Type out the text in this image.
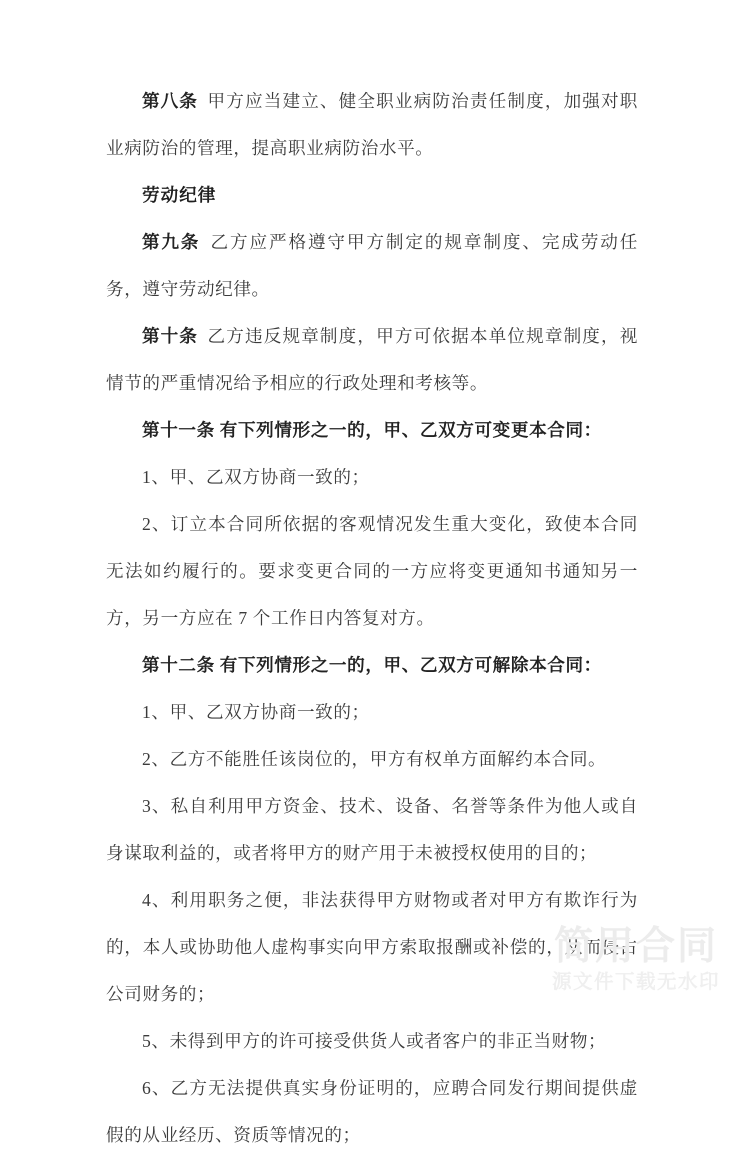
第八条 甲方应当建立、健全职业病防治责任制度，加强对职业病防治的管理，提高职业病防治水平。

劳动纪律

第九条 乙方应严格遵守甲方制定的规章制度、完成劳动任务，遵守劳动纪律。

第十条 乙方违反规章制度，甲方可依据本单位规章制度，视情节的严重情况给予相应的行政处理和考核等。

第十一条 有下列情形之一的，甲、乙双方可变更本合同：

1、甲、乙双方协商一致的；

2、订立本合同所依据的客观情况发生重大变化，致使本合同无法如约履行的。要求变更合同的一方应将变更通知书通知另一方，另一方应在 7 个工作日内答复对方。

第十二条 有下列情形之一的，甲、乙双方可解除本合同：

1、甲、乙双方协商一致的；

2、乙方不能胜任该岗位的，甲方有权单方面解约本合同。

3、私自利用甲方资金、技术、设备、名誉等条件为他人或自身谋取利益的，或者将甲方的财产用于未被授权使用的目的；

4、利用职务之便，非法获得甲方财物或者对甲方有欺诈行为的，本人或协助他人虚构事实向甲方索取报酬或补偿的，从而侵占公司财务的；

5、未得到甲方的许可接受供货人或者客户的非正当财物；

6、乙方无法提供真实身份证明的，应聘合同发行期间提供虚假的从业经历、资质等情况的；

简用合同
源文件下载无水印
